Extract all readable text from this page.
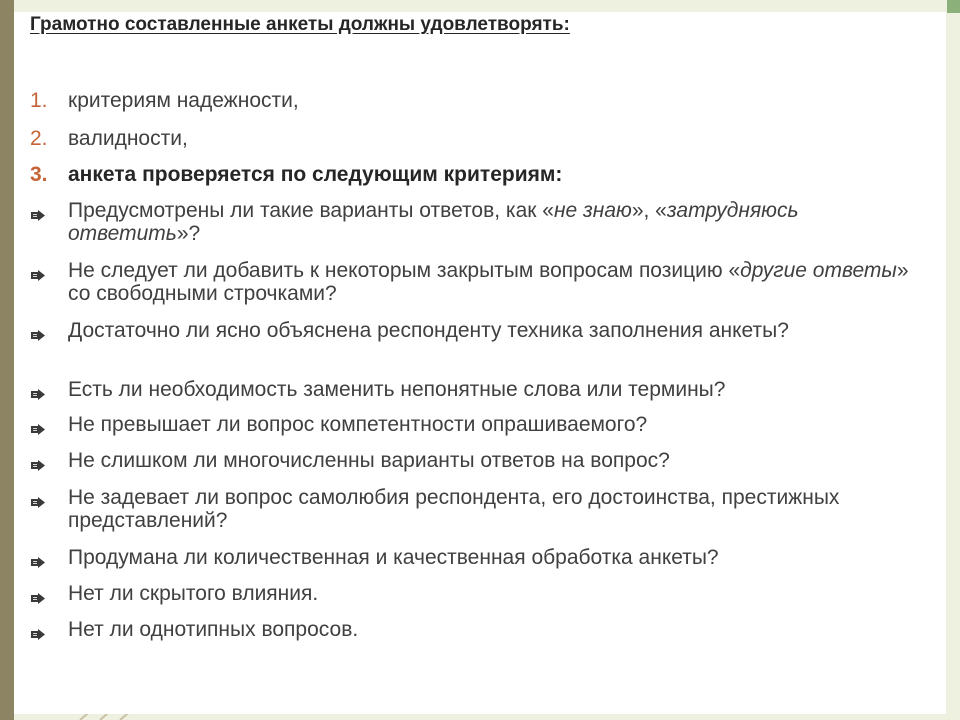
Грамотно составленные анкеты должны удовлетворять:
1. критериям надежности,
2. валидности,
3. анкета проверяется по следующим критериям:
Предусмотрены ли такие варианты ответов, как «не знаю», «затрудняюсь ответить»?
Не следует ли добавить к некоторым закрытым вопросам позицию «другие ответы» со свободными строчками?
Достаточно ли ясно объяснена респонденту техника заполнения анкеты?
Есть ли необходимость заменить непонятные слова или термины?
Не превышает ли вопрос компетентности опрашиваемого?
Не слишком ли многочисленны варианты ответов на вопрос?
Не задевает ли вопрос самолюбия респондента, его достоинства, престижных представлений?
Продумана ли количественная и качественная обработка анкеты?
Нет ли скрытого влияния.
Нет ли однотипных вопросов.
